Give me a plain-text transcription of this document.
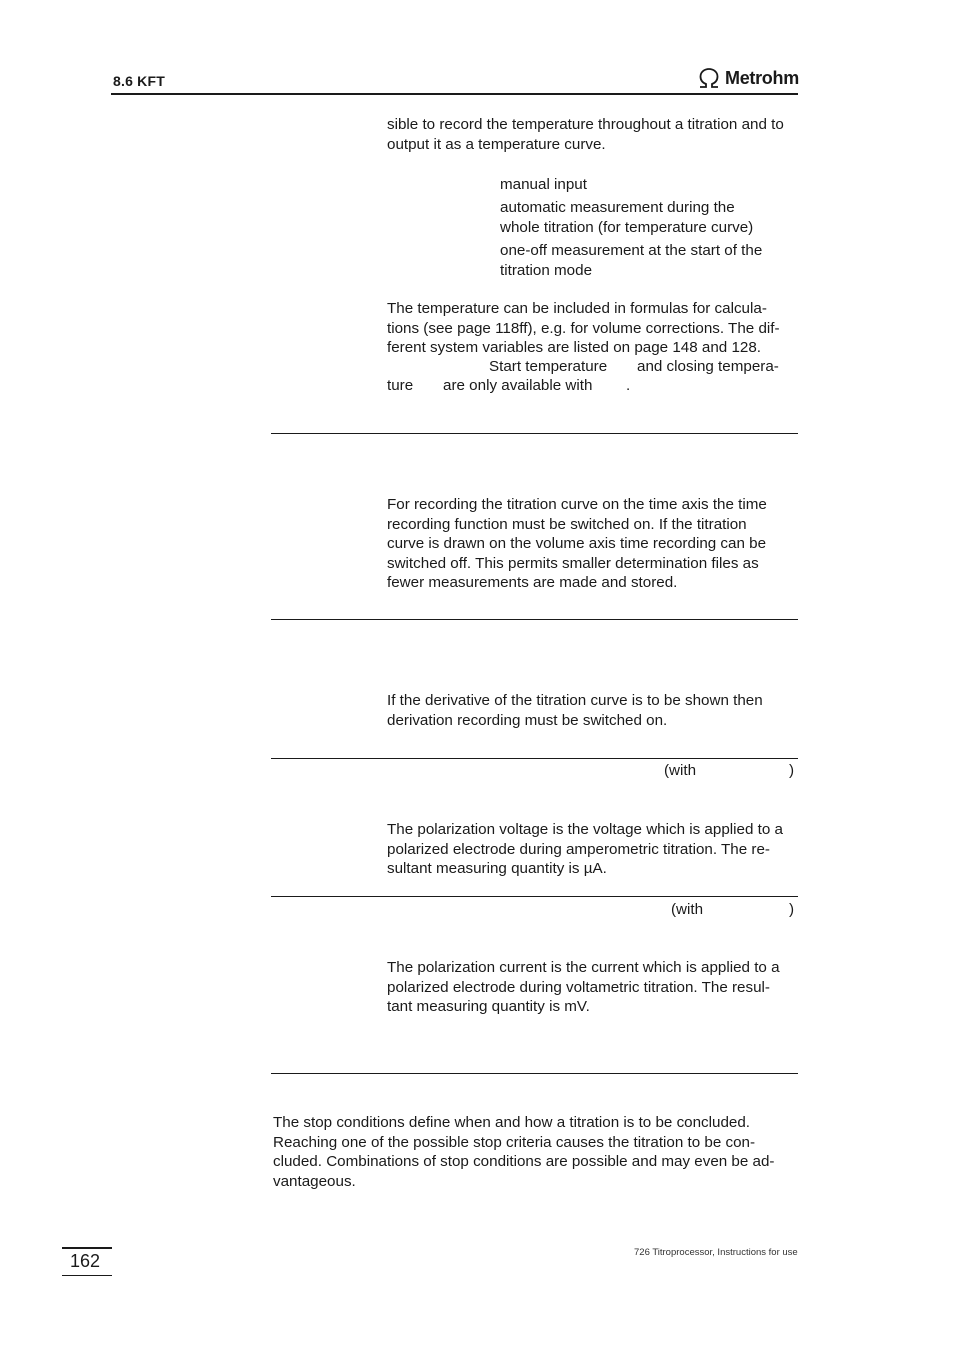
8.6 KFT	Metrohm
sible to record the temperature throughout a titration and to
output it as a temperature curve.
manual input
automatic measurement during the
whole titration (for temperature curve)
one-off measurement at the start of the
titration mode
The temperature can be included in formulas for calcula-
tions (see page 118ff), e.g. for volume corrections. The dif-
ferent system variables are listed on page 148 and 128.
Start temperature and closing tempera-
ture are only available with .
For recording the titration curve on the time axis the time
recording function must be switched on. If the titration
curve is drawn on the volume axis time recording can be
switched off. This permits smaller determination files as
fewer measurements are made and stored.
If the derivative of the titration curve is to be shown then
derivation recording must be switched on.
(with	)
The polarization voltage is the voltage which is applied to a
polarized electrode during amperometric titration. The re-
sultant measuring quantity is µA.
(with	)
The polarization current is the current which is applied to a
polarized electrode during voltametric titration. The resul-
tant measuring quantity is mV.
The stop conditions define when and how a titration is to be concluded.
Reaching one of the possible stop criteria causes the titration to be con-
cluded. Combinations of stop conditions are possible and may even be ad-
vantageous.
162	726 Titroprocessor, Instructions for use
